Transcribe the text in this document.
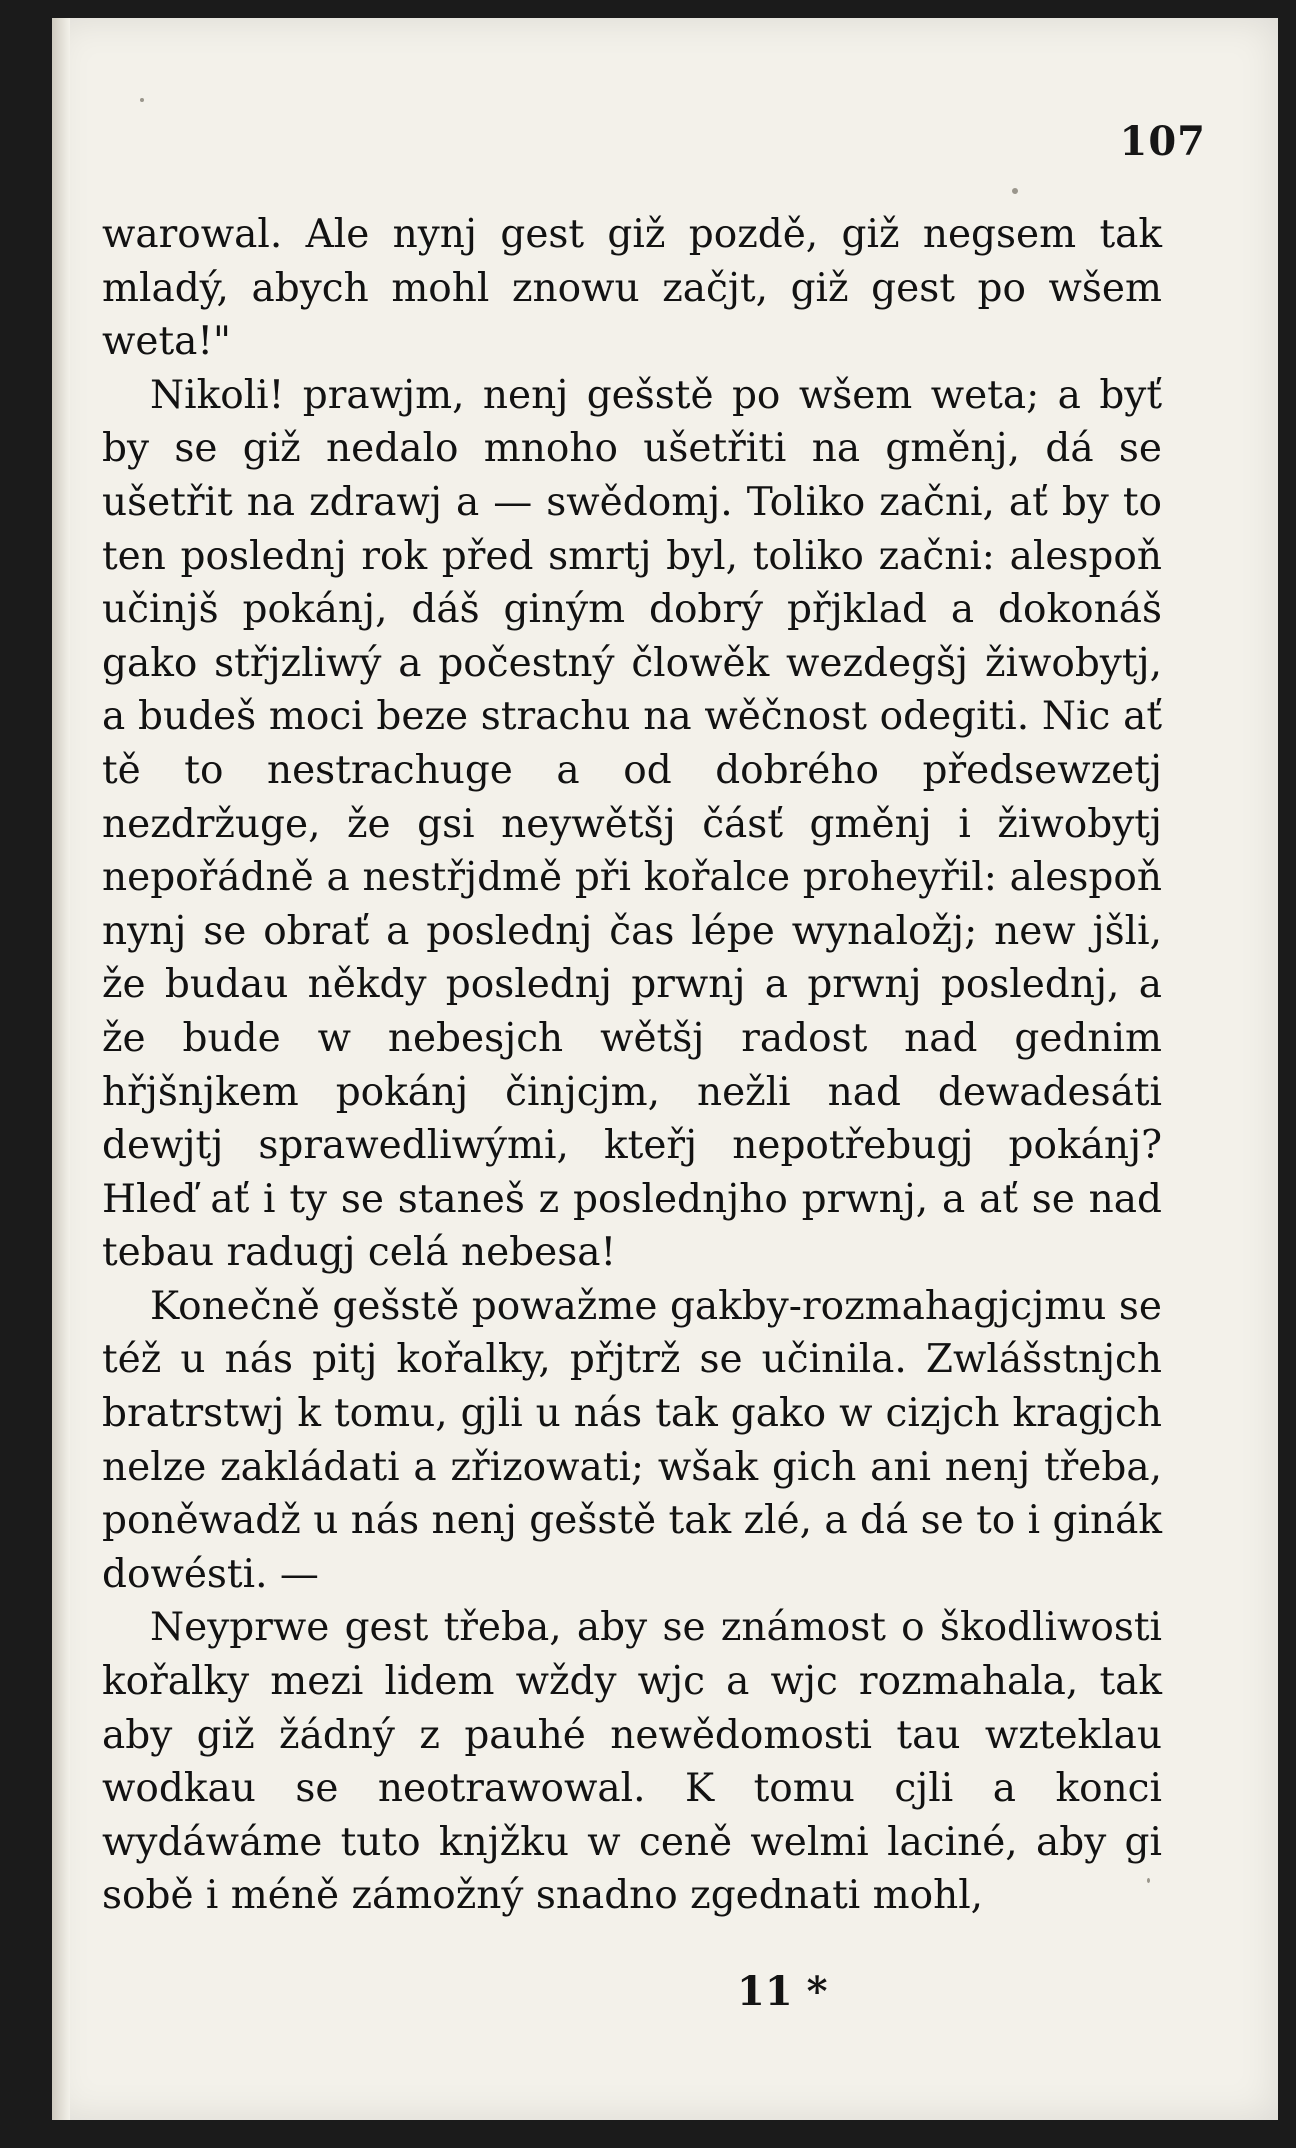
107

warowal. Ale nynj gest giž pozdě, giž negsem tak mladý, abych mohl znowu začjt, giž gest po wšem weta!"

Nikoli! prawjm, nenj gešstě po wšem weta; a byť by se giž nedalo mnoho ušetřiti na gměnj, dá se ušetřit na zdrawj a — swědomj. Toliko začni, ať by to ten poslednj rok před smrtj byl, toliko začni: alespoň učinjš pokánj, dáš giným dobrý přjklad a dokonáš gako střjzliwý a počestný člowěk wezdegšj žiwobytj, a budeš moci beze strachu na wěčnost odegiti. Nic ať tě to nestrachuge a od dobrého předsewzetj nezdržuge, že gsi neywětšj čásť gměnj i žiwobytj nepořádně a nestřjdmě při kořalce proheyřil: alespoň nynj se obrať a poslednj čas lépe wynaložj; new jšli, že budau někdy poslednj prwnj a prwnj poslednj, a že bude w nebesjch wětšj radost nad gednim hřjšnjkem pokánj činjcjm, nežli nad dewadesáti dewjtj sprawedliwými, kteřj nepotřebugj pokánj? Hleď ať i ty se staneš z poslednjho prwnj, a ať se nad tebau radugj celá nebesa!

Konečně gešstě powažme gakby-rozmahagjcjmu se též u nás pitj kořalky, přjtrž se učinila. Zwlášstnjch bratrstwj k tomu, gjli u nás tak gako w cizjch kragjch nelze zakládati a zřizowati; wšak gich ani nenj třeba, poněwadž u nás nenj gešstě tak zlé, a dá se to i ginák dowésti. —

Neyprwe gest třeba, aby se známost o škodliwosti kořalky mezi lidem wždy wjc a wjc rozmahala, tak aby giž žádný z pauhé newědomosti tau wzteklau wodkau se neotrawowal. K tomu cjli a konci wydáwáme tuto knjžku w ceně welmi laciné, aby gi sobě i méně zámožný snadno zgednati mohl,

11 *
